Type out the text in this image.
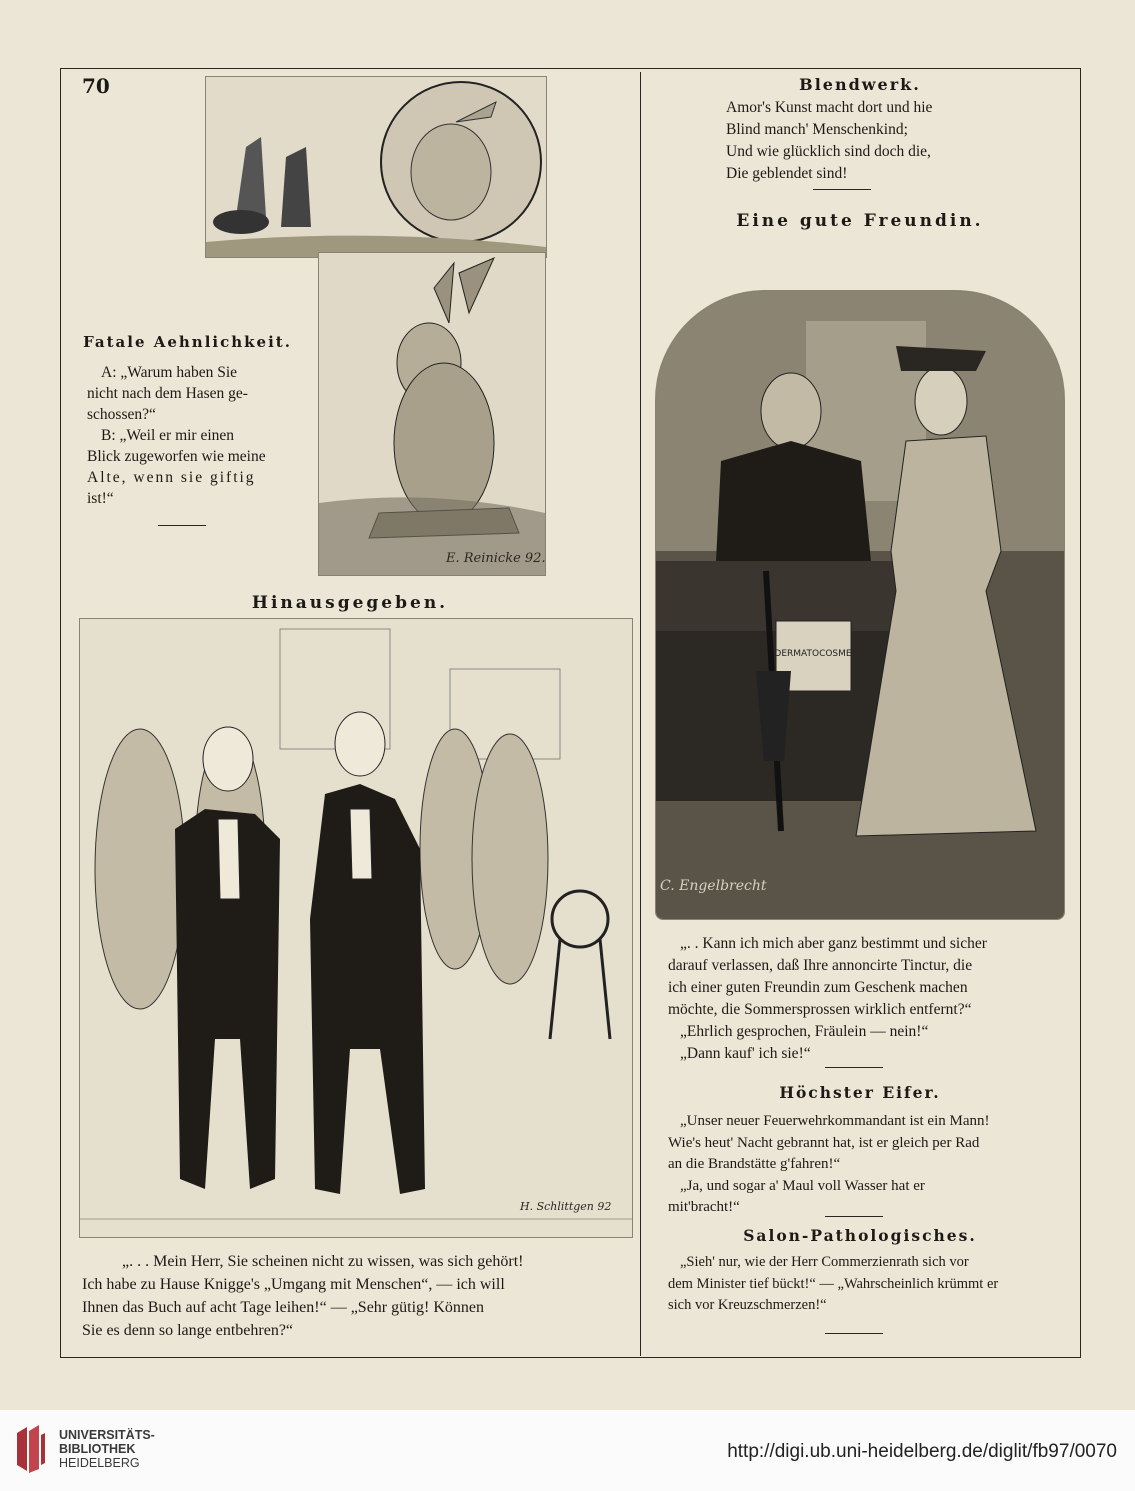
70
E. Reinicke 92.
Fatale Aehnlichkeit.

A: „Warum haben Sie

nicht nach dem Hasen ge-

schossen?“

B: „Weil er mir einen

Blick zugeworfen wie meine

Alte, wenn sie giftig

ist!“

Hinausgegeben.
H. Schlittgen 92

„. . . Mein Herr, Sie scheinen nicht zu wissen, was sich gehört!

Ich habe zu Hause Knigge's „Umgang mit Menschen“, — ich will

Ihnen das Buch auf acht Tage leihen!“ — „Sehr gütig! Können

Sie es denn so lange entbehren?“

Blendwerk.

Amor's Kunst macht dort und hie

Blind manch' Menschenkind;

Und wie glücklich sind doch die,

Die geblendet sind!

Eine gute Freundin.
DERMATOCOSME
C. Engelbrecht

„. . Kann ich mich aber ganz bestimmt und sicher

darauf verlassen, daß Ihre annoncirte Tinctur, die

ich einer guten Freundin zum Geschenk machen

möchte, die Sommersprossen wirklich entfernt?“

„Ehrlich gesprochen, Fräulein — nein!“

„Dann kauf' ich sie!“

Höchster Eifer.

„Unser neuer Feuerwehrkommandant ist ein Mann!

Wie's heut' Nacht gebrannt hat, ist er gleich per Rad

an die Brandstätte g'fahren!“

„Ja, und sogar a' Maul voll Wasser hat er

mit'bracht!“

Salon-Pathologisches.

„Sieh' nur, wie der Herr Commerzienrath sich vor

dem Minister tief bückt!“ — „Wahrscheinlich krümmt er

sich vor Kreuzschmerzen!“

UNIVERSITÄTS-
BIBLIOTHEK
HEIDELBERG
http://digi.ub.uni-heidelberg.de/diglit/fb97/0070
